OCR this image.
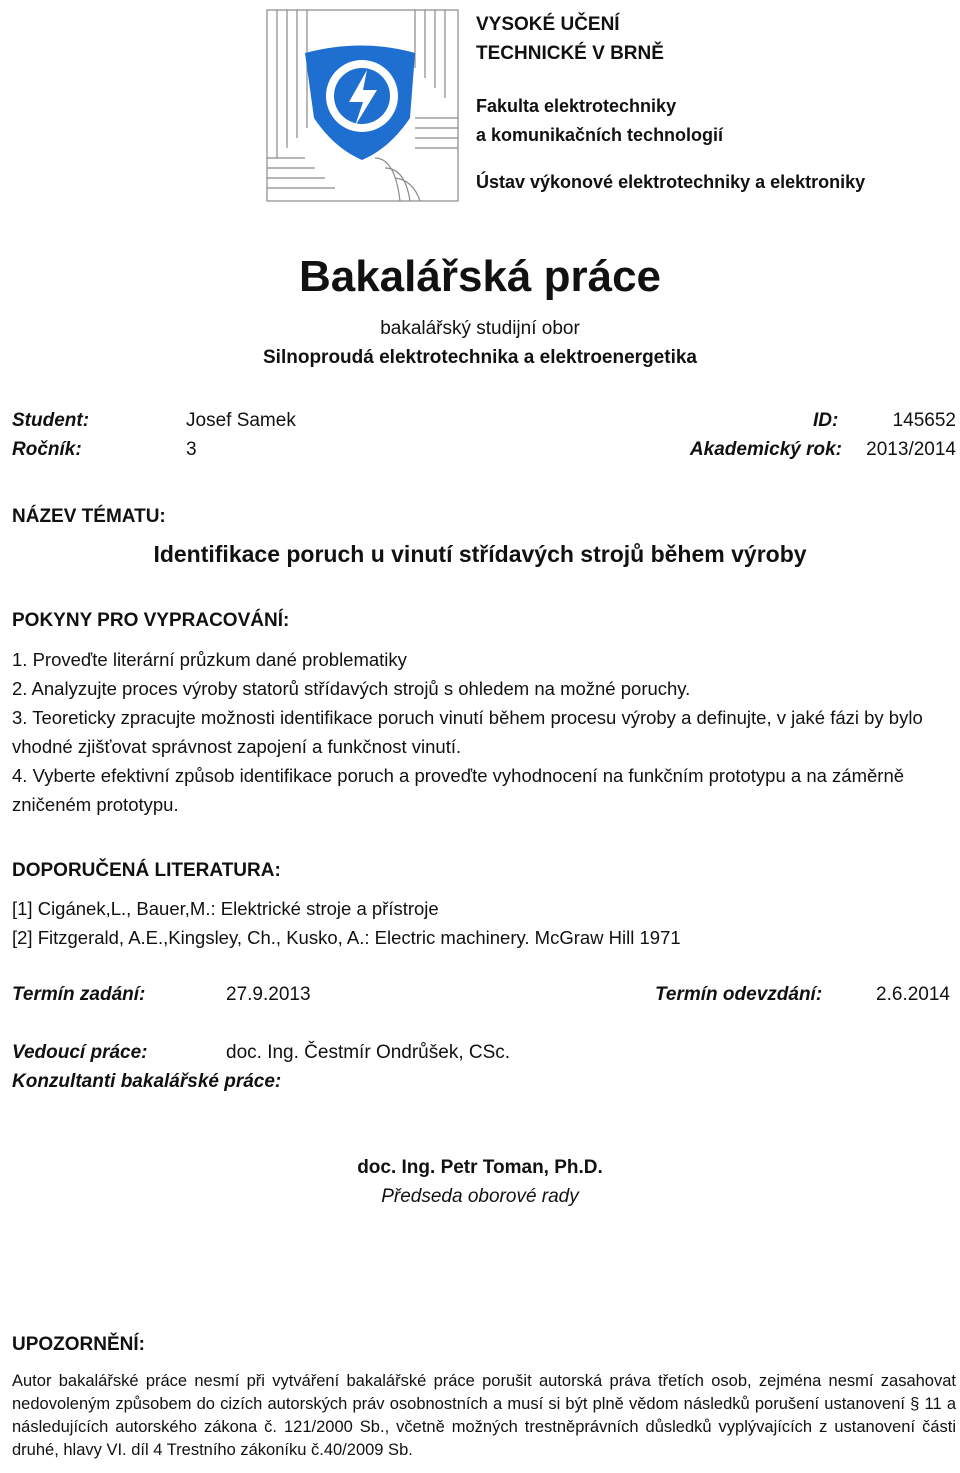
VYSOKÉ UČENÍ
TECHNICKÉ V BRNĚ
Fakulta elektrotechniky
a komunikačních technologií
Ústav výkonové elektrotechniky a elektroniky
Bakalářská práce
bakalářský studijní obor
Silnoproudá elektrotechnika a elektroenergetika
Student:	Josef Samek	ID:	145652
Ročník:	3	Akademický rok:	2013/2014
NÁZEV TÉMATU:
Identifikace poruch u vinutí střídavých strojů během výroby
POKYNY PRO VYPRACOVÁNÍ:
1. Proveďte literární průzkum dané problematiky
2. Analyzujte proces výroby statorů střídavých strojů s ohledem na možné poruchy.
3. Teoreticky zpracujte možnosti identifikace poruch vinutí během procesu výroby a definujte, v jaké fázi by bylo vhodné zjišťovat správnost zapojení a funkčnost vinutí.
4. Vyberte efektivní způsob identifikace poruch a proveďte vyhodnocení na funkčním prototypu a na záměrně zničeném prototypu.
DOPORUČENÁ LITERATURA:
[1] Cigánek,L., Bauer,M.: Elektrické stroje a přístroje
[2] Fitzgerald, A.E.,Kingsley, Ch., Kusko, A.: Electric machinery. McGraw Hill 1971
Termín zadání:	27.9.2013	Termín odevzdání:	2.6.2014
Vedoucí práce:	doc. Ing. Čestmír Ondrůšek, CSc.
Konzultanti bakalářské práce:
doc. Ing. Petr Toman, Ph.D.
Předseda oborové rady
UPOZORNĚNÍ:
Autor bakalářské práce nesmí při vytváření bakalářské práce porušit autorská práva třetích osob, zejména nesmí zasahovat nedovoleným způsobem do cizích autorských práv osobnostních a musí si být plně vědom následků porušení ustanovení § 11 a následujících autorského zákona č. 121/2000 Sb., včetně možných trestněprávních důsledků vyplývajících z ustanovení části druhé, hlavy VI. díl 4 Trestního zákoníku č.40/2009 Sb.
